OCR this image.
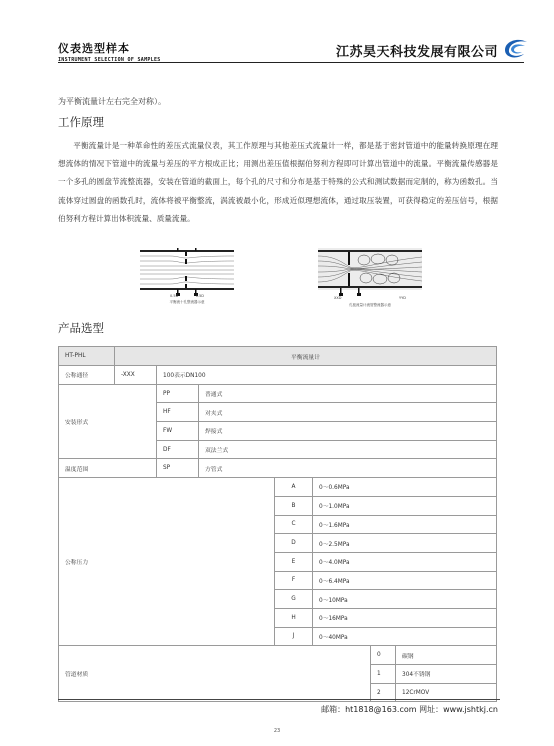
仪表选型样本
INSTRUMENT SELECTION OF SAMPLES	江苏昊天科技发展有限公司
为平衡流量计左右完全对称）。
工作原理
平衡流量计是一种革命性的差压式流量仪表，其工作原理与其他差压式流量计一样，都是基于密封管道中的能量转换原理在理想流体的情况下管道中的流量与差压的平方根成正比；用测出差压值根据伯努利方程即可计算出管道中的流量。平衡流量传感器是一个多孔的圆盘节流整流器，安装在管道的截面上，每个孔的尺寸和分布是基于特殊的公式和测试数据而定制的，称为函数孔。当流体穿过圆盘的函数孔时，流体将被平衡整流，涡流被最小化，形成近似理想流体，通过取压装置，可获得稳定的差压信号，根据伯努利方程计算出体积流量、质量流量。
0.5D	0.5D
平衡流十孔整流器示意
XXD	YYD
孔板流量计流管整流器示意
产品选型
HT-PHL	平衡流量计						
公称通径	-XXX	100表示DN100					
安装形式		PP	普通式				
		HF	对夹式				
		FW	焊接式				
		DF	双法兰式				
温度范围		SP	方管式				
公称压力				A	0～0.6MPa		
				B	0～1.0MPa		
				C	0～1.6MPa		
				D	0～2.5MPa		
				E	0～4.0MPa		
				F	0～6.4MPa		
				G	0～10MPa		
				H	0～16MPa		
				J	0～40MPa		
管道材质						0	碳钢
						1	304不锈钢
						2	12CrMOV
邮箱：ht1818@163.com 网址：www.jshtkj.cn
23
